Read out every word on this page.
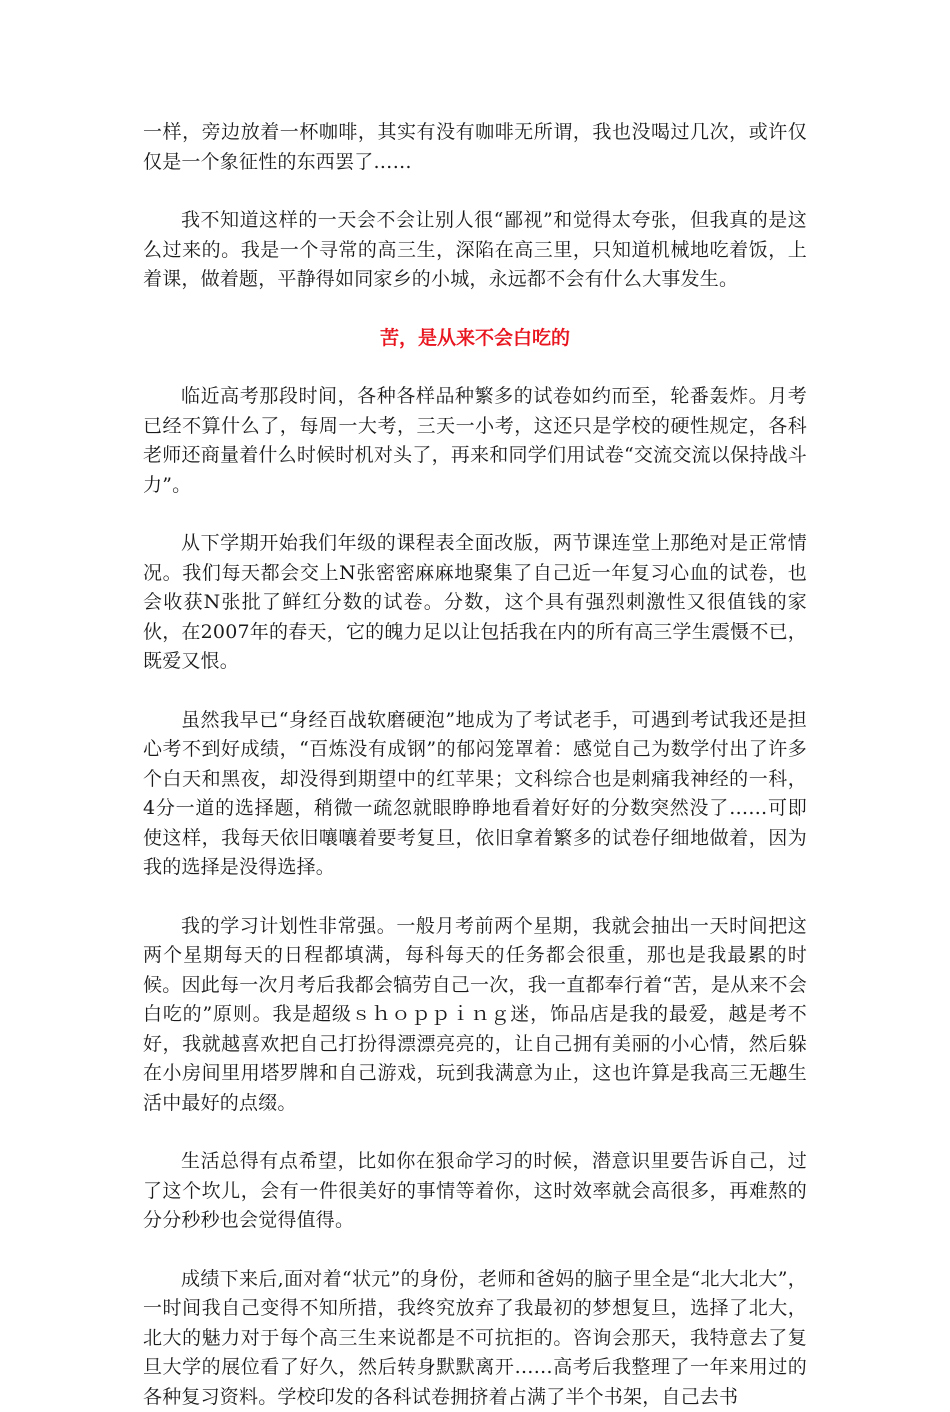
一样，旁边放着一杯咖啡，其实有没有咖啡无所谓，我也没喝过几次，或许仅仅是一个象征性的东西罢了……

我不知道这样的一天会不会让别人很“鄙视”和觉得太夸张，但我真的是这么过来的。我是一个寻常的高三生，深陷在高三里，只知道机械地吃着饭，上着课，做着题，平静得如同家乡的小城，永远都不会有什么大事发生。

苦，是从来不会白吃的

临近高考那段时间，各种各样品种繁多的试卷如约而至，轮番轰炸。月考已经不算什么了，每周一大考，三天一小考，这还只是学校的硬性规定，各科老师还商量着什么时候时机对头了，再来和同学们用试卷“交流交流以保持战斗力”。

从下学期开始我们年级的课程表全面改版，两节课连堂上那绝对是正常情况。我们每天都会交上N张密密麻麻地聚集了自己近一年复习心血的试卷，也会收获N张批了鲜红分数的试卷。分数，这个具有强烈刺激性又很值钱的家伙，在2007年的春天，它的魄力足以让包括我在内的所有高三学生震慑不已，既爱又恨。

虽然我早已“身经百战软磨硬泡”地成为了考试老手，可遇到考试我还是担心考不到好成绩，“百炼没有成钢”的郁闷笼罩着：感觉自己为数学付出了许多个白天和黑夜，却没得到期望中的红苹果；文科综合也是刺痛我神经的一科，4分一道的选择题，稍微一疏忽就眼睁睁地看着好好的分数突然没了……可即使这样，我每天依旧嚷嚷着要考复旦，依旧拿着繁多的试卷仔细地做着，因为我的选择是没得选择。

我的学习计划性非常强。一般月考前两个星期，我就会抽出一天时间把这两个星期每天的日程都填满，每科每天的任务都会很重，那也是我最累的时候。因此每一次月考后我都会犒劳自己一次，我一直都奉行着“苦，是从来不会白吃的”原则。我是超级ｓｈｏｐｐｉｎｇ迷，饰品店是我的最爱，越是考不好，我就越喜欢把自己打扮得漂漂亮亮的，让自己拥有美丽的小心情，然后躲在小房间里用塔罗牌和自己游戏，玩到我满意为止，这也许算是我高三无趣生活中最好的点缀。

生活总得有点希望，比如你在狠命学习的时候，潜意识里要告诉自己，过了这个坎儿，会有一件很美好的事情等着你，这时效率就会高很多，再难熬的分分秒秒也会觉得值得。

成绩下来后,面对着“状元”的身份，老师和爸妈的脑子里全是“北大北大”，一时间我自己变得不知所措，我终究放弃了我最初的梦想复旦，选择了北大，北大的魅力对于每个高三生来说都是不可抗拒的。咨询会那天，我特意去了复旦大学的展位看了好久，然后转身默默离开……高考后我整理了一年来用过的各种复习资料。学校印发的各科试卷拥挤着占满了半个书架，自己去书
